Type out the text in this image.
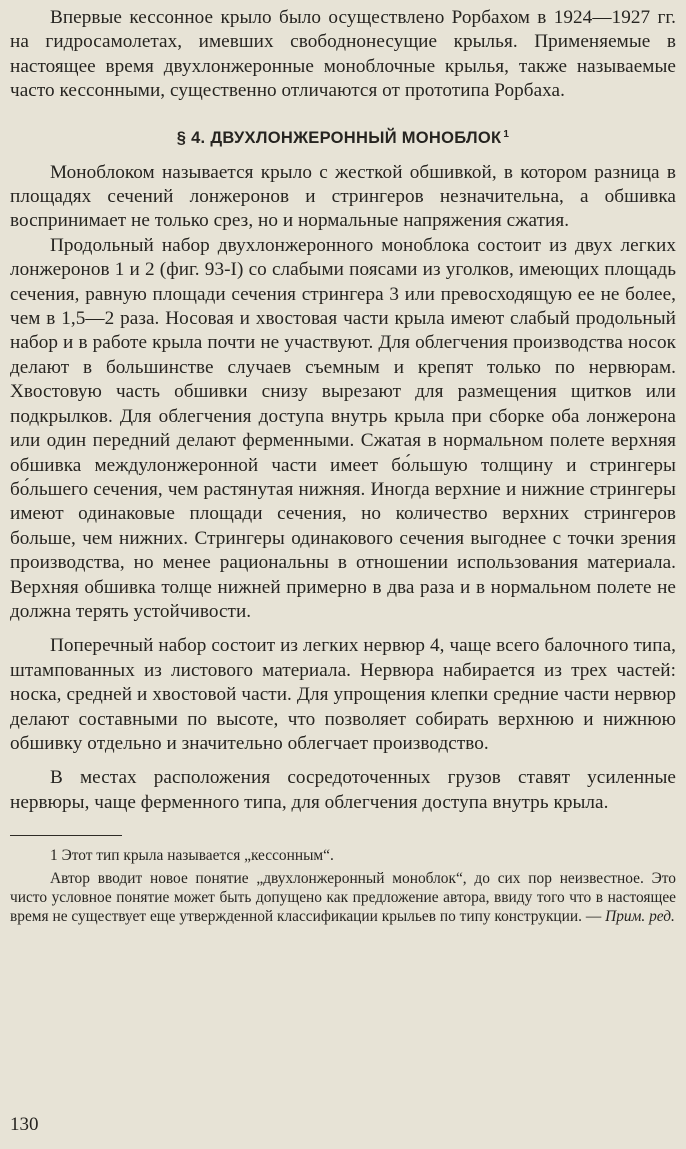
Впервые кессонное крыло было осуществлено Рорбахом в 1924—1927 гг. на гидросамолетах, имевших свободнонесущие крылья. Применяемые в настоящее время двухлонжеронные моноблочные крылья, также называемые часто кессонными, существенно отличаются от прототипа Рорбаха.

§ 4. ДВУХЛОНЖЕРОННЫЙ МОНОБЛОК $^1$

Моноблоком называется крыло с жесткой обшивкой, в котором разница в площадях сечений лонжеронов и стрингеров незначительна, а обшивка воспринимает не только срез, но и нормальные напряжения сжатия.

Продольный набор двухлонжеронного моноблока состоит из двух легких лонжеронов 1 и 2 (фиг. 93-I) со слабыми поясами из уголков, имеющих площадь сечения, равную площади сечения стрингера 3 или превосходящую ее не более, чем в 1,5—2 раза. Носовая и хвостовая части крыла имеют слабый продольный набор и в работе крыла почти не участвуют. Для облегчения производства носок делают в большинстве случаев съемным и крепят только по нервюрам. Хвостовую часть обшивки снизу вырезают для размещения щитков или подкрылков. Для облегчения доступа внутрь крыла при сборке оба лонжерона или один передний делают ферменными. Сжатая в нормальном полете верхняя обшивка междулонжеронной части имеет бо́льшую толщину и стрингеры бо́льшего сечения, чем растянутая нижняя. Иногда верхние и нижние стрингеры имеют одинаковые площади сечения, но количество верхних стрингеров больше, чем нижних. Стрингеры одинакового сечения выгоднее с точки зрения производства, но менее рациональны в отношении использования материала. Верхняя обшивка толще нижней примерно в два раза и в нормальном полете не должна терять устойчивости.

Поперечный набор состоит из легких нервюр 4, чаще всего балочного типа, штампованных из листового материала. Нервюра набирается из трех частей: носка, средней и хвостовой части. Для упрощения клепки средние части нервюр делают составными по высоте, что позволяет собирать верхнюю и нижнюю обшивку отдельно и значительно облегчает производство.

В местах расположения сосредоточенных грузов ставят усиленные нервюры, чаще ферменного типа, для облегчения доступа внутрь крыла.

1 Этот тип крыла называется „кессонным“.

Автор вводит новое понятие „двухлонжеронный моноблок“, до сих пор неизвестное. Это чисто условное понятие может быть допущено как предложение автора, ввиду того что в настоящее время не существует еще утвержденной классификации крыльев по типу конструкции. — Прим. ред.

130
